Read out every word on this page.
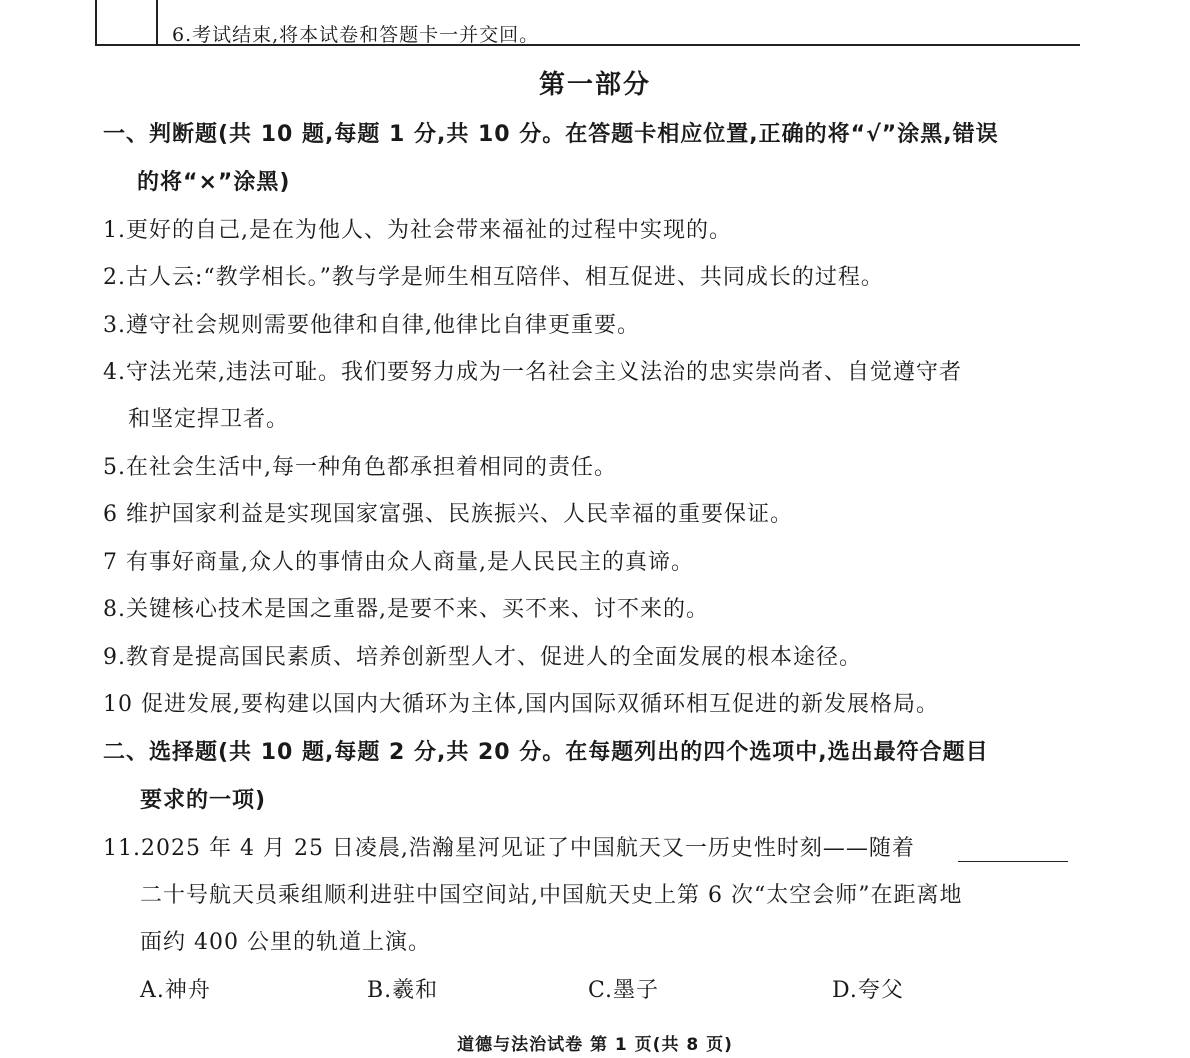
6.考试结束,将本试卷和答题卡一并交回。
第一部分
一、判断题(共 10 题,每题 1 分,共 10 分。在答题卡相应位置,正确的将“√”涂黑,错误
的将“×”涂黑)
1.更好的自己,是在为他人、为社会带来福祉的过程中实现的。
2.古人云:“教学相长。”教与学是师生相互陪伴、相互促进、共同成长的过程。
3.遵守社会规则需要他律和自律,他律比自律更重要。
4.守法光荣,违法可耻。我们要努力成为一名社会主义法治的忠实崇尚者、自觉遵守者
和坚定捍卫者。
5.在社会生活中,每一种角色都承担着相同的责任。
6 维护国家利益是实现国家富强、民族振兴、人民幸福的重要保证。
7 有事好商量,众人的事情由众人商量,是人民民主的真谛。
8.关键核心技术是国之重器,是要不来、买不来、讨不来的。
9.教育是提高国民素质、培养创新型人才、促进人的全面发展的根本途径。
10 促进发展,要构建以国内大循环为主体,国内国际双循环相互促进的新发展格局。
二、选择题(共 10 题,每题 2 分,共 20 分。在每题列出的四个选项中,选出最符合题目
要求的一项)
11.2025 年 4 月 25 日凌晨,浩瀚星河见证了中国航天又一历史性时刻——随着
二十号航天员乘组顺利进驻中国空间站,中国航天史上第 6 次“太空会师”在距离地
面约 400 公里的轨道上演。
A.神舟	B.羲和	C.墨子	D.夸父
道德与法治试卷 第 1 页(共 8 页)
